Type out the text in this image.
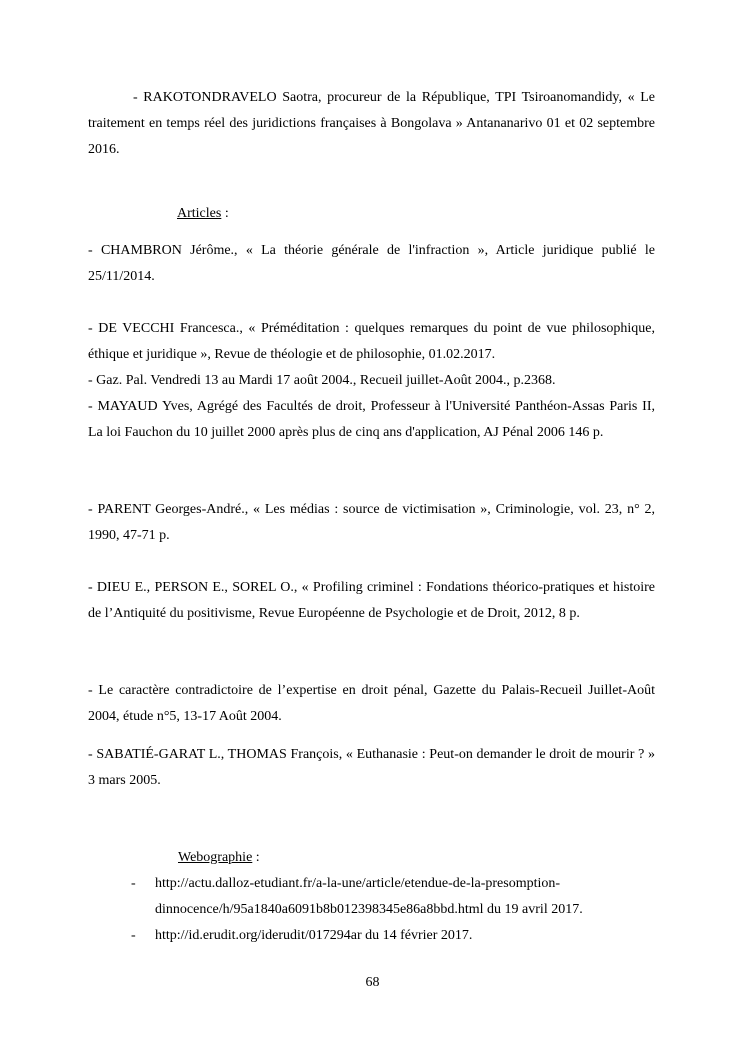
- RAKOTONDRAVELO Saotra, procureur de la République, TPI Tsiroanomandidy, « Le traitement en temps réel des juridictions françaises à Bongolava » Antananarivo 01 et 02 septembre 2016.

Articles :

- CHAMBRON Jérôme., « La théorie générale de l'infraction », Article juridique publié le 25/11/2014.

- DE VECCHI Francesca., « Préméditation : quelques remarques du point de vue philosophique, éthique et juridique », Revue de théologie et de philosophie, 01.02.2017.

- Gaz. Pal. Vendredi 13 au Mardi 17 août 2004., Recueil juillet-Août 2004., p.2368.

- MAYAUD Yves, Agrégé des Facultés de droit, Professeur à l'Université Panthéon-Assas Paris II, La loi Fauchon du 10 juillet 2000 après plus de cinq ans d'application, AJ Pénal 2006 146 p.

- PARENT Georges-André., « Les médias : source de victimisation », Criminologie, vol. 23, n° 2, 1990, 47-71 p.

- DIEU E., PERSON E., SOREL O., « Profiling criminel : Fondations théorico-pratiques et histoire de l’Antiquité du positivisme, Revue Européenne de Psychologie et de Droit, 2012, 8 p.

- Le caractère contradictoire de l’expertise en droit pénal, Gazette du Palais-Recueil Juillet-Août 2004, étude n°5, 13-17 Août 2004.

- SABATIÉ-GARAT L., THOMAS François, « Euthanasie : Peut-on demander le droit de mourir ? » 3 mars 2005.

Webographie :
- http://actu.dalloz-etudiant.fr/a-la-une/article/etendue-de-la-presomption-dinnocence/h/95a1840a6091b8b012398345e86a8bbd.html du 19 avril 2017.
- http://id.erudit.org/iderudit/017294ar du 14 février 2017.
68
